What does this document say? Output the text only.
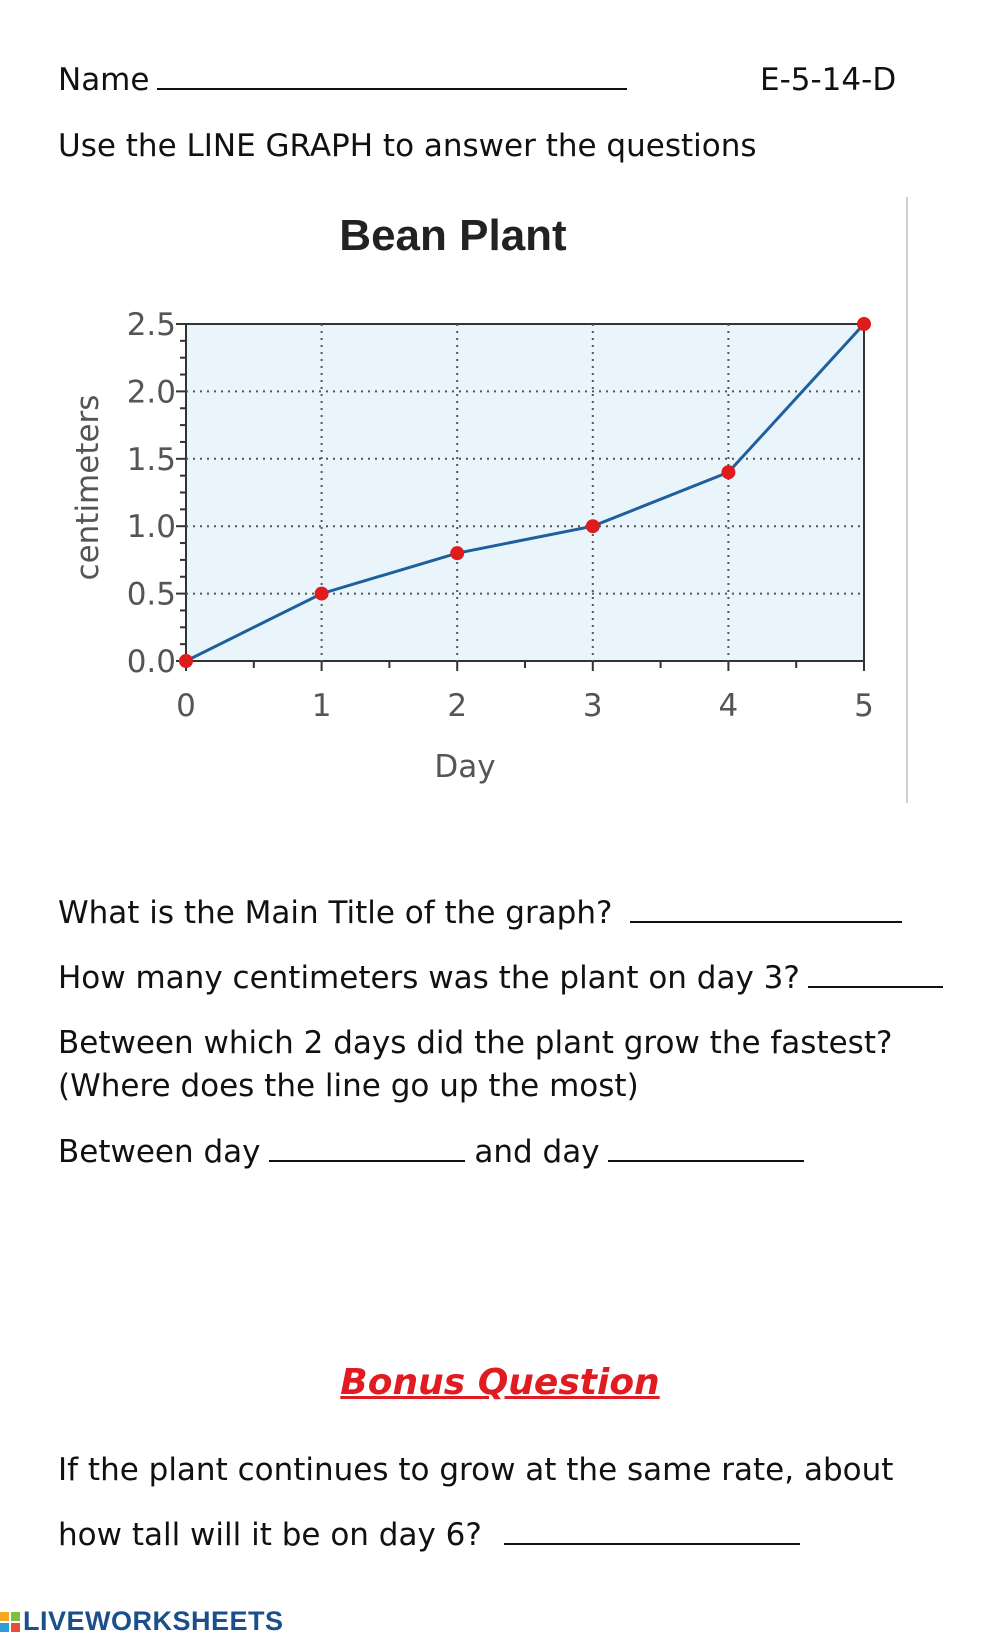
Name	E-5-14-D
Use the LINE GRAPH to answer the questions
Bean Plant
0.0
0.5
1.0
1.5
2.0
2.5
0	1	2	3	4	5
Day
centimeters
What is the Main Title of the graph?
How many centimeters was the plant on day 3?
Between which 2 days did the plant grow the fastest?
(Where does the line go up the most)
Between day	and day
Bonus Question
If the plant continues to grow at the same rate, about
how tall will it be on day 6?
LIVEWORKSHEETS
